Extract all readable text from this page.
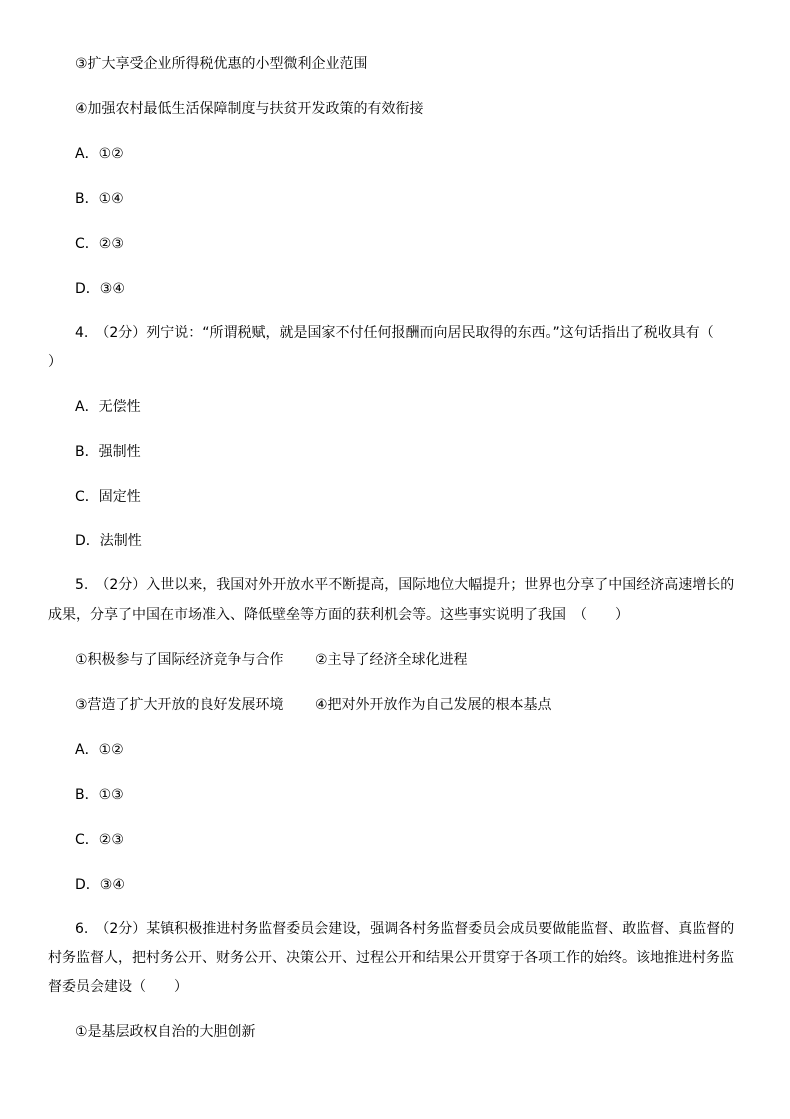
③扩大享受企业所得税优惠的小型微利企业范围
④加强农村最低生活保障制度与扶贫开发政策的有效衔接
A．①②
B．①④
C．②③
D．③④
4.　（2分）列宁说：“所谓税赋，就是国家不付任何报酬而向居民取得的东西。”这句话指出了税收具有（
）
A．无偿性
B．强制性
C．固定性
D．法制性
5.　（2分）入世以来，我国对外开放水平不断提高，国际地位大幅提升；世界也分享了中国经济高速增长的
成果，分享了中国在市场准入、降低壁垒等方面的获利机会等。这些事实说明了我国　（　　）
①积极参与了国际经济竞争与合作 ②主导了经济全球化进程
③营造了扩大开放的良好发展环境 ④把对外开放作为自己发展的根本基点
A．①②
B．①③
C．②③
D．③④
6.　（2分）某镇积极推进村务监督委员会建设，强调各村务监督委员会成员要做能监督、敢监督、真监督的
村务监督人，把村务公开、财务公开、决策公开、过程公开和结果公开贯穿于各项工作的始终。该地推进村务监
督委员会建设（　　）
①是基层政权自治的大胆创新
